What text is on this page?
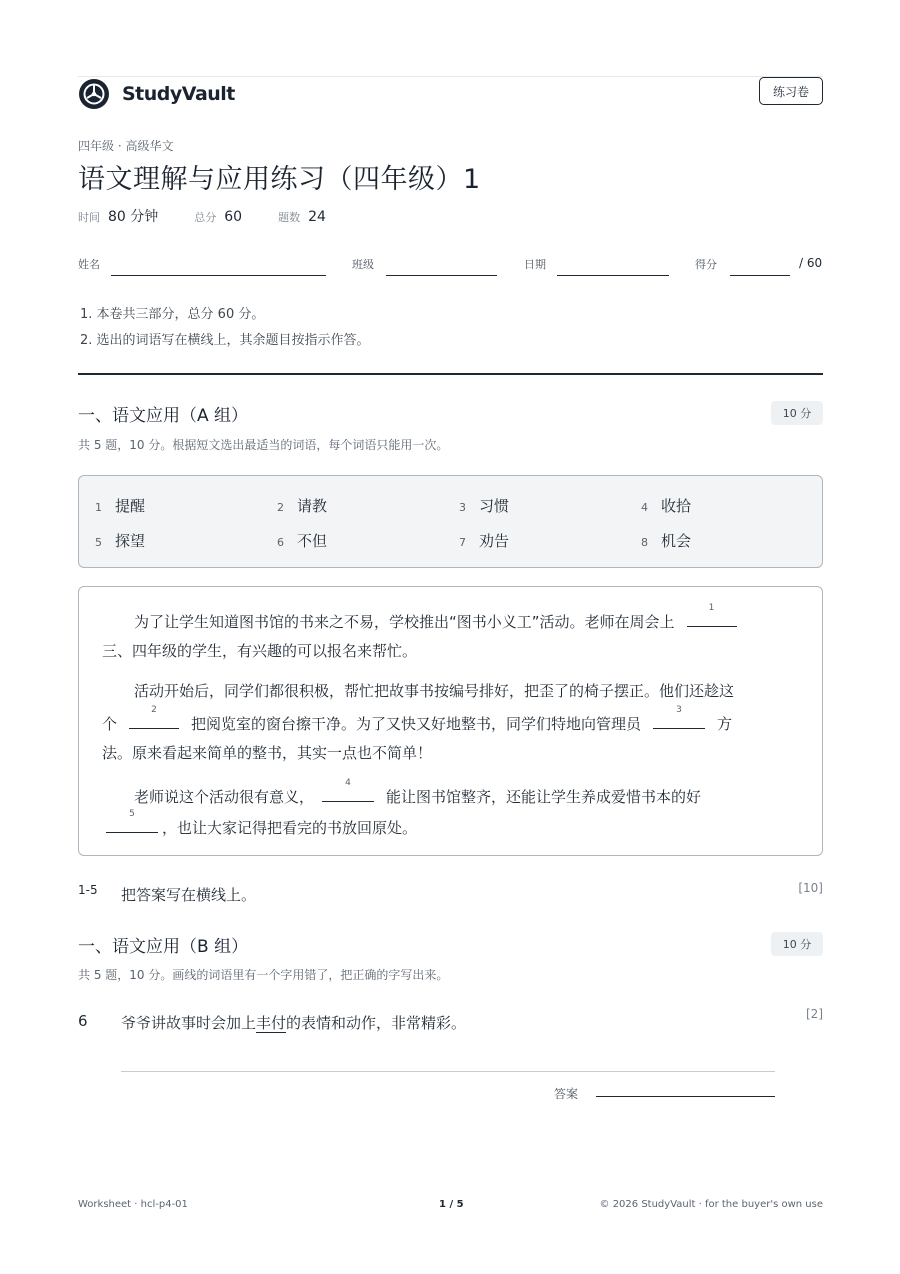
StudyVault	练习卷
四年级 · 高级华文
语文理解与应用练习（四年级）1
时间 80 分钟	总分 60	题数 24
姓名	班级	日期	得分	/ 60
1. 本卷共三部分，总分 60 分。
2. 选出的词语写在横线上，其余题目按指示作答。
一、语文应用（A 组）	10 分
共 5 题，10 分。根据短文选出最适当的词语，每个词语只能用一次。
1 提醒	2 请教	3 习惯	4 收拾
5 探望	6 不但	7 劝告	8 机会
为了让学生知道图书馆的书来之不易，学校推出“图书小义工”活动。老师在周会上
1
三、四年级的学生，有兴趣的可以报名来帮忙。
活动开始后，同学们都很积极，帮忙把故事书按编号排好，把歪了的椅子摆正。他们还趁这
个
2
把阅览室的窗台擦干净。为了又快又好地整书，同学们特地向管理员
3
方
法。原来看起来简单的整书，其实一点也不简单！
老师说这个活动很有意义，
4
能让图书馆整齐，还能让学生养成爱惜书本的好
5
，也让大家记得把看完的书放回原处。
1-5 把答案写在横线上。	[10]
一、语文应用（B 组）	10 分
共 5 题，10 分。画线的词语里有一个字用错了，把正确的字写出来。
6 爷爷讲故事时会加上丰付的表情和动作，非常精彩。	[2]
答案
Worksheet · hcl-p4-01	1 / 5	© 2026 StudyVault · for the buyer's own use
